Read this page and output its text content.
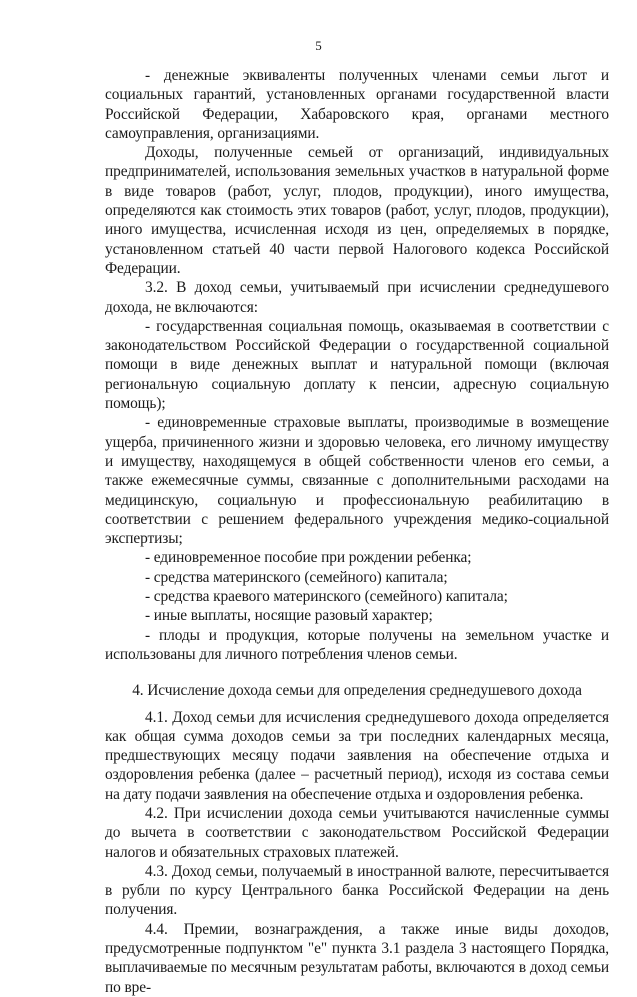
5

- денежные эквиваленты полученных членами семьи льгот и социальных гарантий, установленных органами государственной власти Российской Федерации, Хабаровского края, органами местного самоуправления, организациями.

Доходы, полученные семьей от организаций, индивидуальных предпринимателей, использования земельных участков в натуральной форме в виде товаров (работ, услуг, плодов, продукции), иного имущества, определяются как стоимость этих товаров (работ, услуг, плодов, продукции), иного имущества, исчисленная исходя из цен, определяемых в порядке, установленном статьей 40 части первой Налогового кодекса Российской Федерации.

3.2. В доход семьи, учитываемый при исчислении среднедушевого дохода, не включаются:

- государственная социальная помощь, оказываемая в соответствии с законодательством Российской Федерации о государственной социальной помощи в виде денежных выплат и натуральной помощи (включая региональную социальную доплату к пенсии, адресную социальную помощь);

- единовременные страховые выплаты, производимые в возмещение ущерба, причиненного жизни и здоровью человека, его личному имуществу и имуществу, находящемуся в общей собственности членов его семьи, а также ежемесячные суммы, связанные с дополнительными расходами на медицинскую, социальную и профессиональную реабилитацию в соответствии с решением федерального учреждения медико-социальной экспертизы;

- единовременное пособие при рождении ребенка;

- средства материнского (семейного) капитала;

- средства краевого материнского (семейного) капитала;

- иные выплаты, носящие разовый характер;

- плоды и продукция, которые получены на земельном участке и использованы для личного потребления членов семьи.

4. Исчисление дохода семьи для определения среднедушевого дохода

4.1. Доход семьи для исчисления среднедушевого дохода определяется как общая сумма доходов семьи за три последних календарных месяца, предшествующих месяцу подачи заявления на обеспечение отдыха и оздоровления ребенка (далее – расчетный период), исходя из состава семьи на дату подачи заявления на обеспечение отдыха и оздоровления ребенка.

4.2. При исчислении дохода семьи учитываются начисленные суммы до вычета в соответствии с законодательством Российской Федерации налогов и обязательных страховых платежей.

4.3. Доход семьи, получаемый в иностранной валюте, пересчитывается в рубли по курсу Центрального банка Российской Федерации на день получения.

4.4. Премии, вознаграждения, а также иные виды доходов, предусмотренные подпунктом "е" пункта 3.1 раздела 3 настоящего Порядка, выплачиваемые по месячным результатам работы, включаются в доход семьи по вре-
